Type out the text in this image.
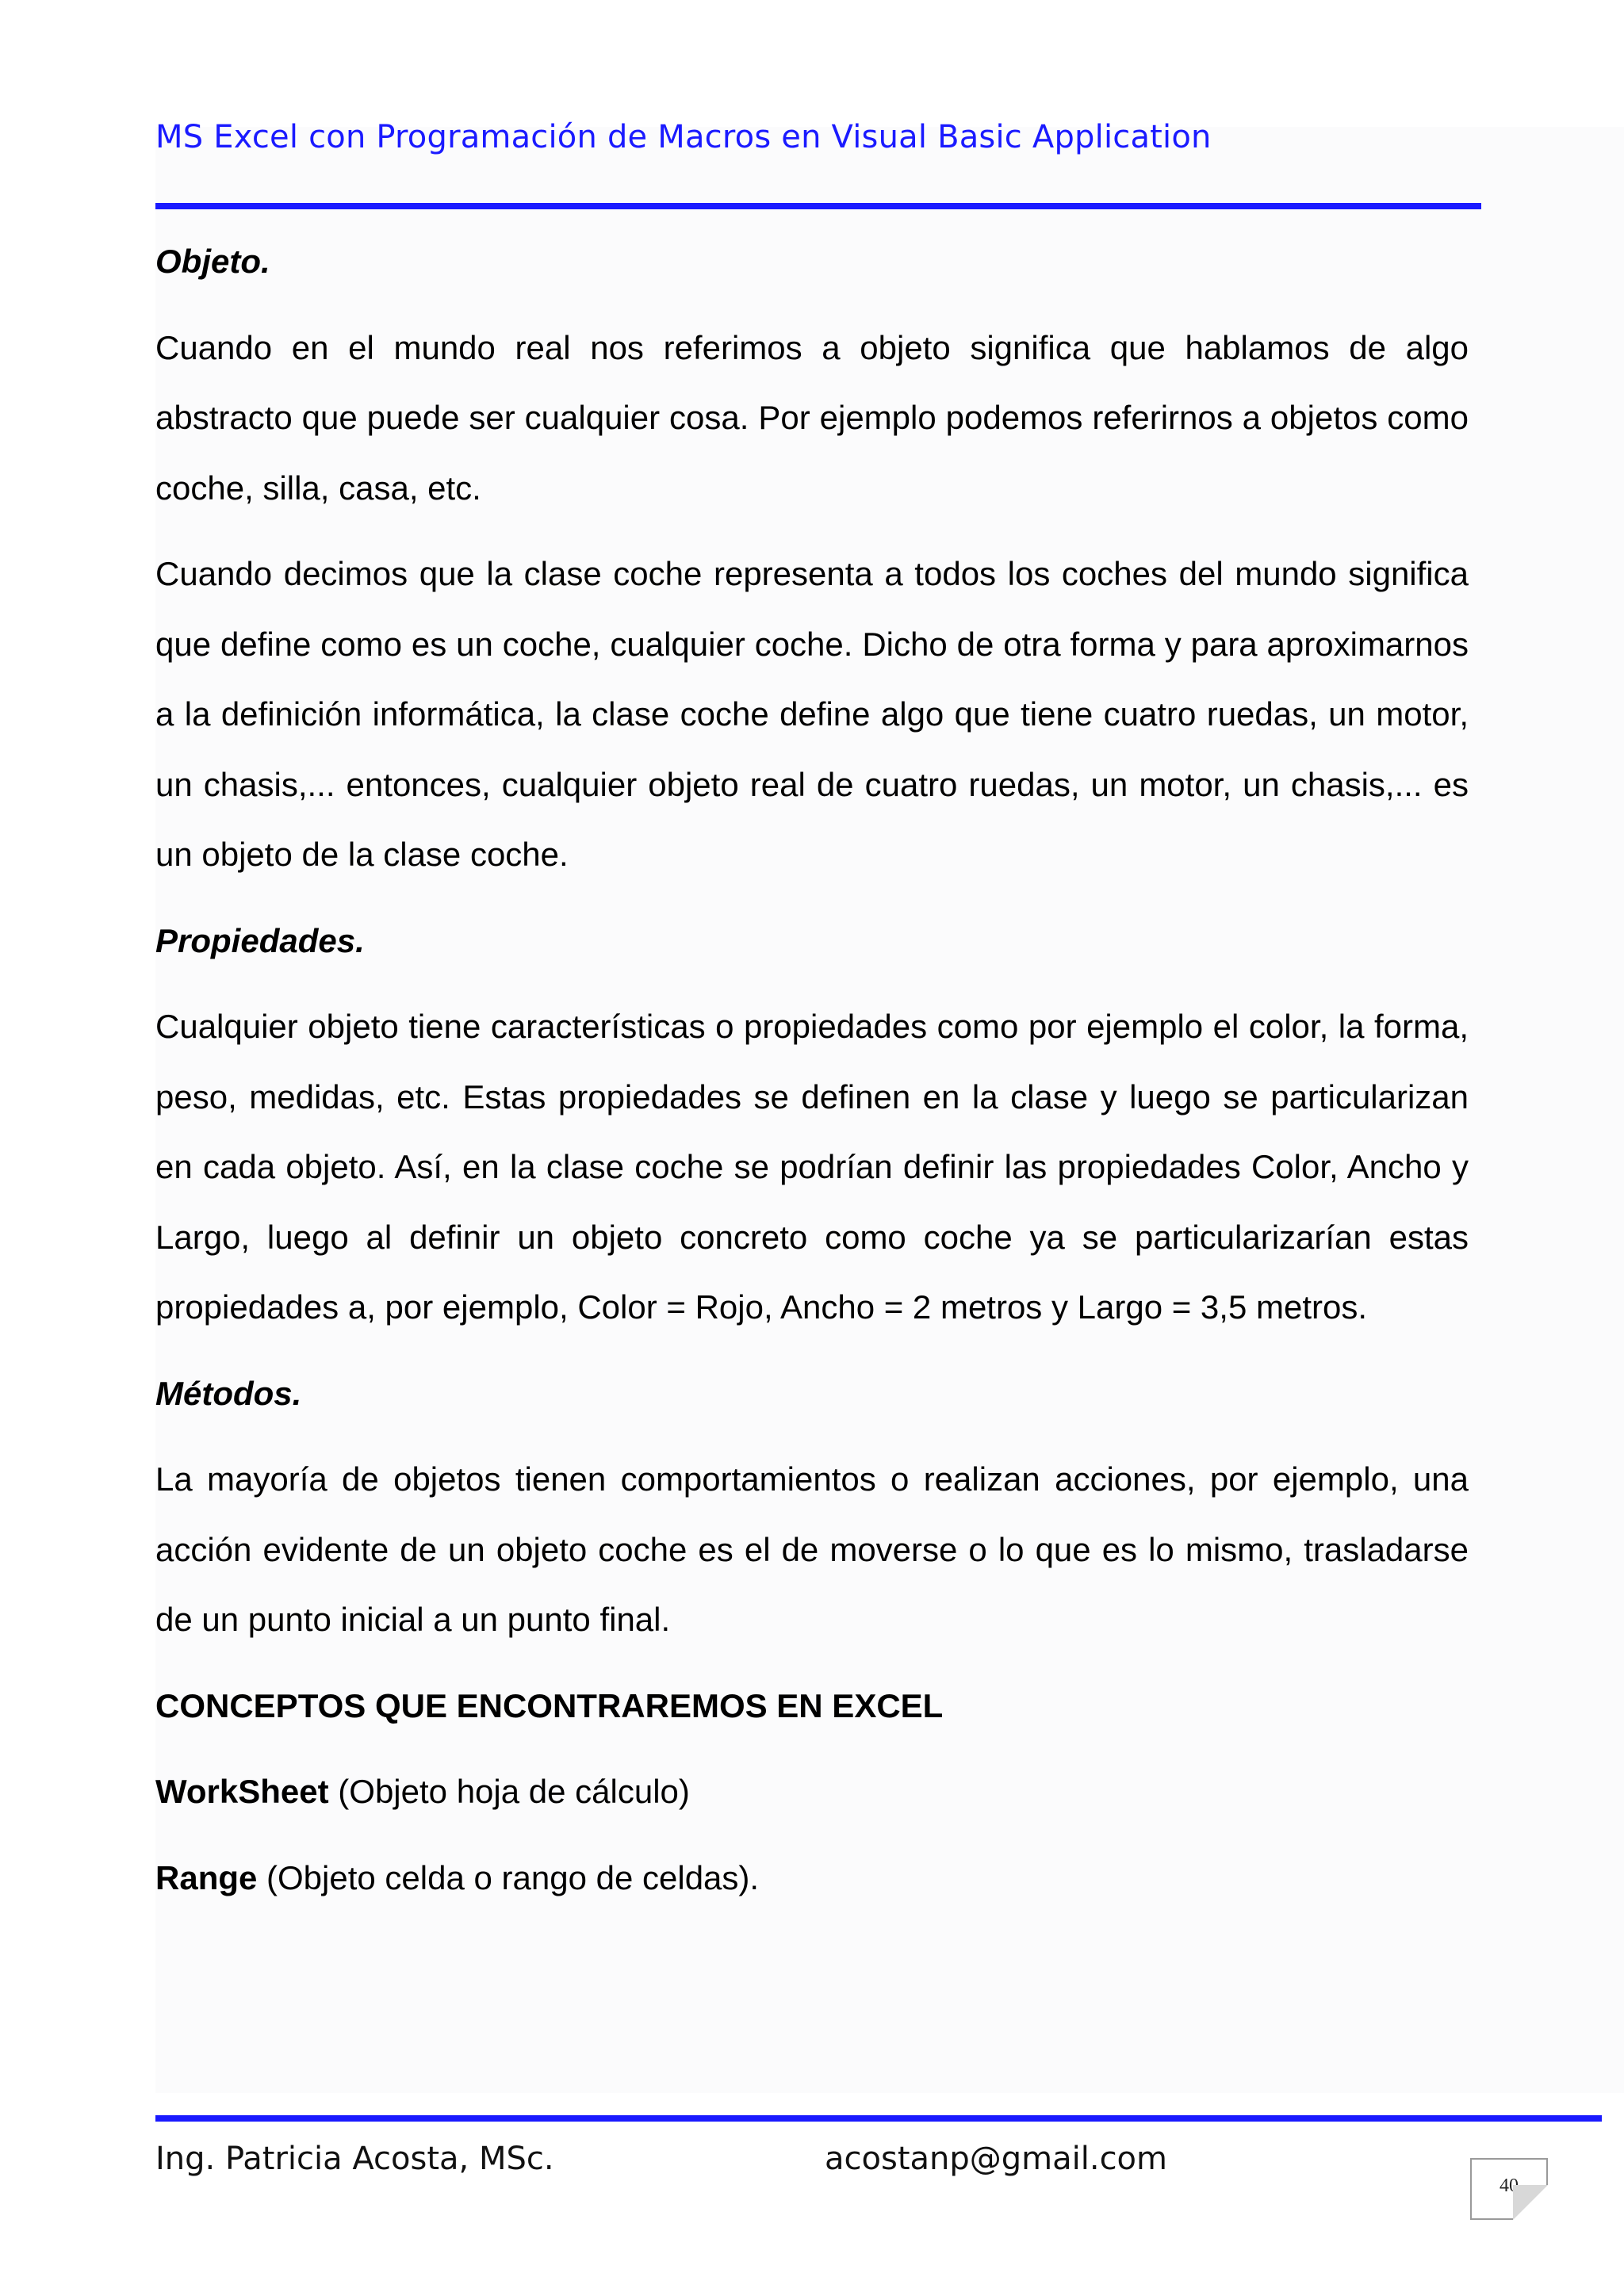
MS Excel con Programación de Macros en Visual Basic Application
Objeto.

Cuando en el mundo real nos referimos a objeto significa que hablamos de algo abstracto que puede ser cualquier cosa. Por ejemplo podemos referirnos a objetos como coche, silla, casa, etc.

Cuando decimos que la clase coche representa a todos los coches del mundo significa que define como es un coche, cualquier coche. Dicho de otra forma y para aproximarnos a la definición informática, la clase coche define algo que tiene cuatro ruedas, un motor, un chasis,... entonces, cualquier objeto real de cuatro ruedas, un motor, un chasis,... es un objeto de la clase coche.

Propiedades.

Cualquier objeto tiene características o propiedades como por ejemplo el color, la forma, peso, medidas, etc. Estas propiedades se definen en la clase y luego se particularizan en cada objeto. Así, en la clase coche se podrían definir las propiedades Color, Ancho y Largo, luego al definir un objeto concreto como coche ya se particularizarían estas propiedades a, por ejemplo, Color = Rojo, Ancho = 2 metros y Largo = 3,5 metros.

Métodos.

La mayoría de objetos tienen comportamientos o realizan acciones, por ejemplo, una acción evidente de un objeto coche es el de moverse o lo que es lo mismo, trasladarse de un punto inicial a un punto final.

CONCEPTOS QUE ENCONTRAREMOS EN EXCEL
WorkSheet (Objeto hoja de cálculo)
Range (Objeto celda o rango de celdas).
Ing. Patricia Acosta, MSc.	acostanp@gmail.com
40
